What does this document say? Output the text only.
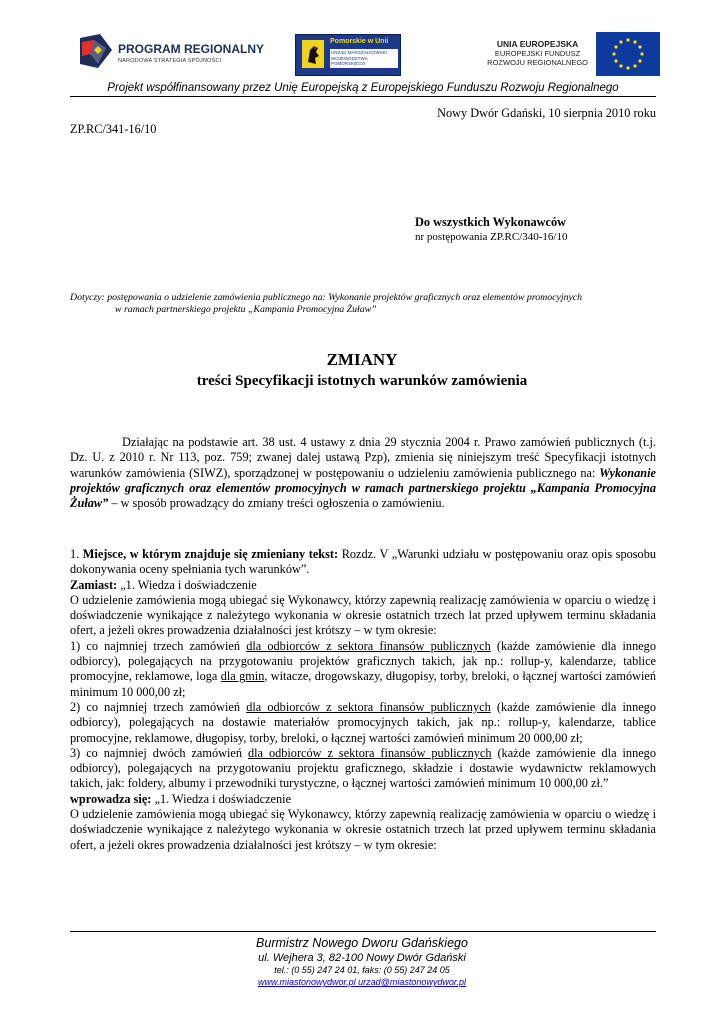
PROGRAM REGIONALNY
NARODOWA STRATEGIA SPÓJNOŚCI
Pomorskie w Unii
URZĄD MARSZAŁKOWSKI WOJEWÓDZTWA POMORSKIEGO
UNIA EUROPEJSKA
EUROPEJSKI FUNDUSZ
ROZWOJU REGIONALNEGO
Projekt współfinansowany przez Unię Europejską z Europejskiego Funduszu Rozwoju Regionalnego
Nowy Dwór Gdański, 10 sierpnia 2010 roku
ZP.RC/341-16/10
Do wszystkich Wykonawców
nr postępowania ZP.RC/340-16/10
Dotyczy: postępowania o udzielenie zamówienia publicznego na: Wykonanie projektów graficznych oraz elementów promocyjnych
w ramach partnerskiego projektu „Kampania Promocyjna Żuław”
ZMIANY
treści Specyfikacji istotnych warunków zamówienia
Działając na podstawie art. 38 ust. 4 ustawy z dnia 29 stycznia 2004 r. Prawo zamówień publicznych (t.j. Dz. U. z 2010 r. Nr 113, poz. 759; zwanej dalej ustawą Pzp), zmienia się niniejszym treść Specyfikacji istotnych warunków zamówienia (SIWZ), sporządzonej w postępowaniu o udzieleniu zamówienia publicznego na: Wykonanie projektów graficznych oraz elementów promocyjnych w ramach partnerskiego projektu „Kampania Promocyjna Żuław” – w sposób prowadzący do zmiany treści ogłoszenia o zamówieniu.
1. Miejsce, w którym znajduje się zmieniany tekst: Rozdz. V „Warunki udziału w postępowaniu oraz opis sposobu dokonywania oceny spełniania tych warunków”.
Zamiast: „1. Wiedza i doświadczenie
O udzielenie zamówienia mogą ubiegać się Wykonawcy, którzy zapewnią realizację zamówienia w oparciu o wiedzę i doświadczenie wynikające z należytego wykonania w okresie ostatnich trzech lat przed upływem terminu składania ofert, a jeżeli okres prowadzenia działalności jest krótszy – w tym okresie:
1) co najmniej trzech zamówień dla odbiorców z sektora finansów publicznych (każde zamówienie dla innego odbiorcy), polegających na przygotowaniu projektów graficznych takich, jak np.: rollup-y, kalendarze, tablice promocyjne, reklamowe, loga dla gmin, witacze, drogowskazy, długopisy, torby, breloki, o łącznej wartości zamówień minimum 10 000,00 zł;
2) co najmniej trzech zamówień dla odbiorców z sektora finansów publicznych (każde zamówienie dla innego odbiorcy), polegających na dostawie materiałów promocyjnych takich, jak np.: rollup-y, kalendarze, tablice promocyjne, reklamowe, długopisy, torby, breloki, o łącznej wartości zamówień minimum 20 000,00 zł;
3) co najmniej dwóch zamówień dla odbiorców z sektora finansów publicznych (każde zamówienie dla innego odbiorcy), polegających na przygotowaniu projektu graficznego, składzie i dostawie wydawnictw reklamowych takich, jak: foldery, albumy i przewodniki turystyczne, o łącznej wartości zamówień minimum 10 000,00 zł.”
wprowadza się: „1. Wiedza i doświadczenie
O udzielenie zamówienia mogą ubiegać się Wykonawcy, którzy zapewnią realizację zamówienia w oparciu o wiedzę i doświadczenie wynikające z należytego wykonania w okresie ostatnich trzech lat przed upływem terminu składania ofert, a jeżeli okres prowadzenia działalności jest krótszy – w tym okresie:
Burmistrz Nowego Dworu Gdańskiego
ul. Wejhera 3, 82-100 Nowy Dwór Gdański
tel.: (0 55) 247 24 01, faks: (0 55) 247 24 05
www.miastonowydwor.pl urzad@miastonowydwor.pl
